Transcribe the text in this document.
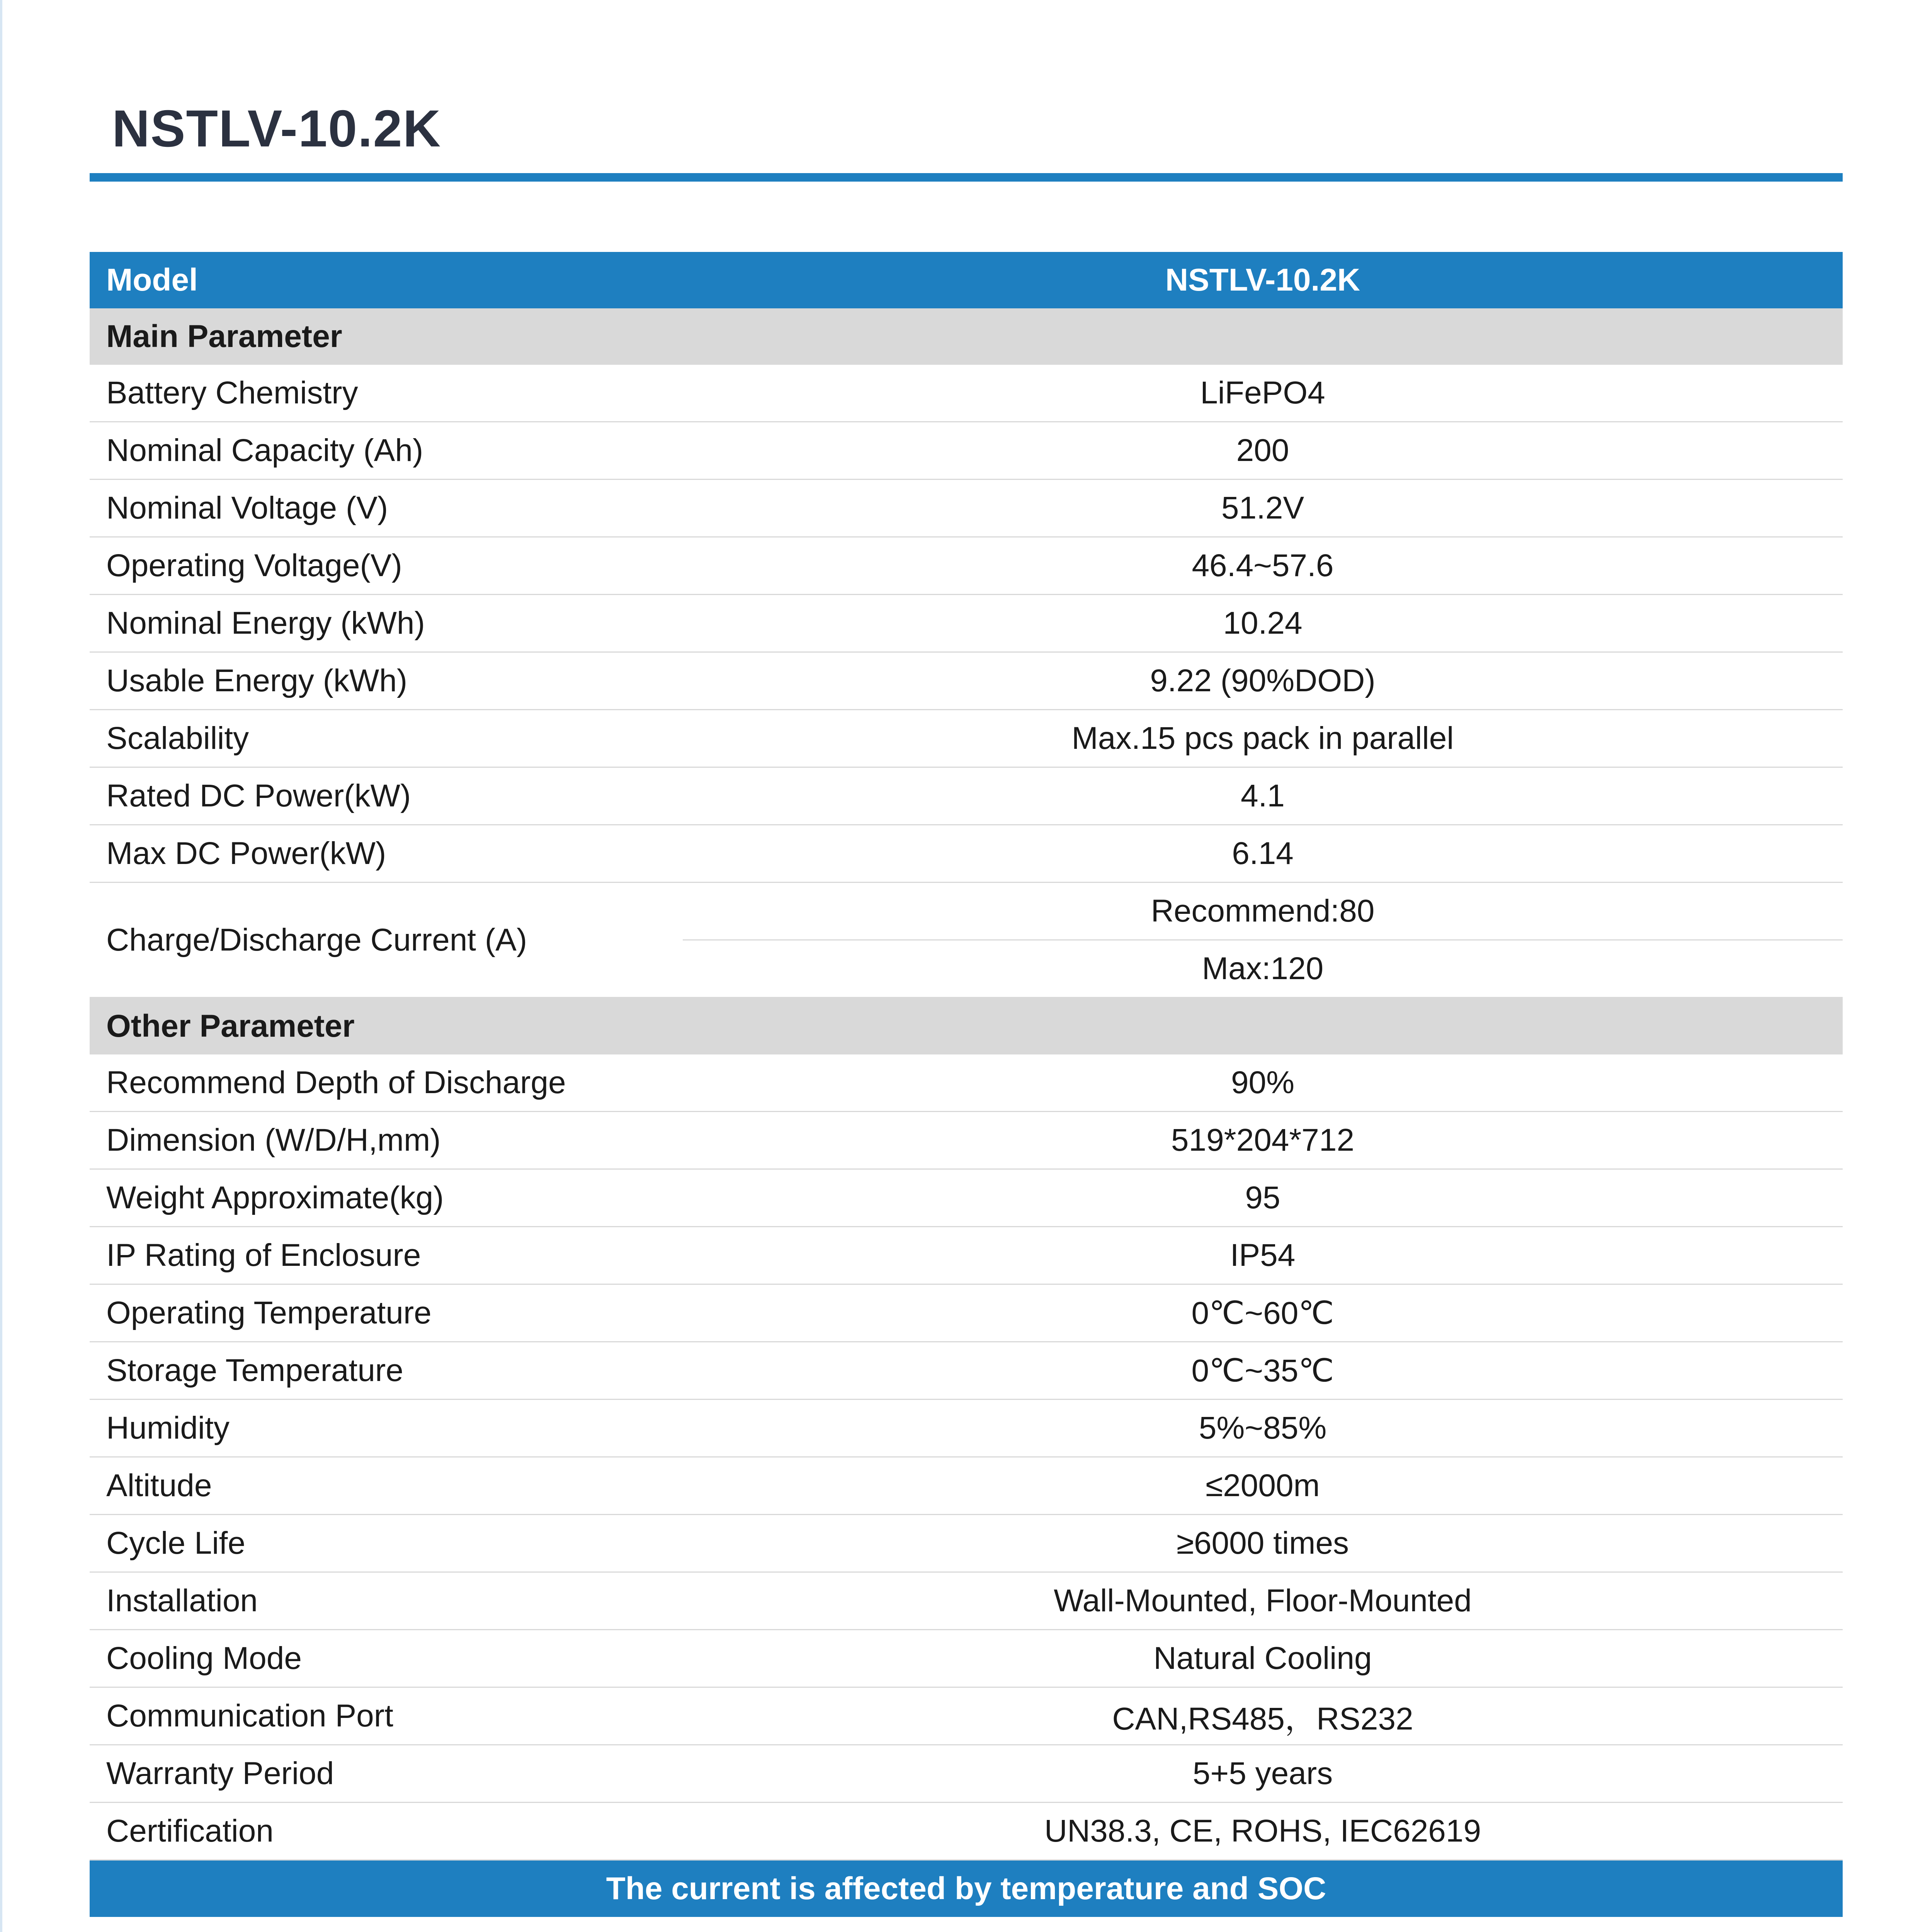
NSTLV-10.2K
Model	NSTLV-10.2K
Main Parameter	
Battery Chemistry	LiFePO4
Nominal Capacity (Ah)	200
Nominal Voltage (V)	51.2V
Operating Voltage(V)	46.4~57.6
Nominal Energy (kWh)	10.24
Usable Energy (kWh)	9.22 (90%DOD)
Scalability	Max.15 pcs pack in parallel
Rated DC Power(kW)	4.1
Max DC Power(kW)	6.14
Charge/Discharge Current (A)	Recommend:80
	Max:120
Other Parameter	
Recommend Depth of Discharge	90%
Dimension (W/D/H,mm)	519*204*712
Weight Approximate(kg)	95
IP Rating of Enclosure	IP54
Operating Temperature	0℃~60℃
Storage Temperature	0℃~35℃
Humidity	5%~85%
Altitude	≤2000m
Cycle Life	≥6000 times
Installation	Wall-Mounted, Floor-Mounted
Cooling Mode	Natural Cooling
Communication Port	CAN,RS485，RS232
Warranty Period	5+5 years
Certification	UN38.3, CE, ROHS, IEC62619
The current is affected by temperature and SOC	
